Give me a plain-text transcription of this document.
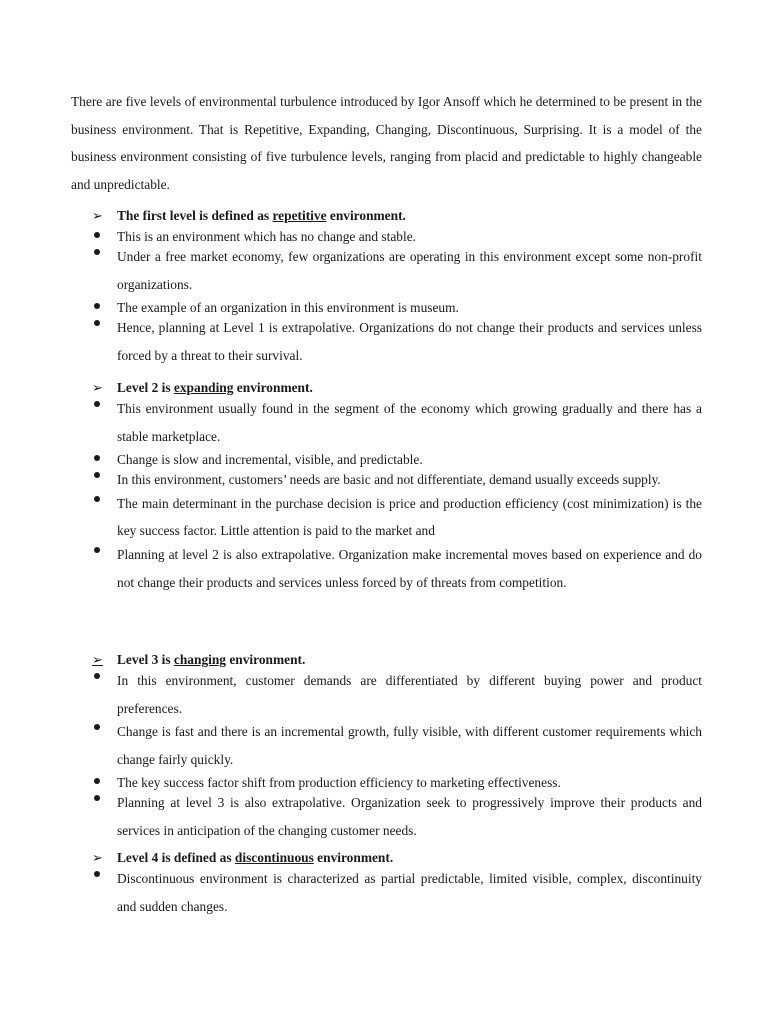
There are five levels of environmental turbulence introduced by Igor Ansoff which he determined to be present in the business environment. That is Repetitive, Expanding, Changing, Discontinuous, Surprising. It is a model of the business environment consisting of five turbulence levels, ranging from placid and predictable to highly changeable and unpredictable.

➢ The first level is defined as repetitive environment.

This is an environment which has no change and stable.

Under a free market economy, few organizations are operating in this environment except some non-profit organizations.

The example of an organization in this environment is museum.

Hence, planning at Level 1 is extrapolative. Organizations do not change their products and services unless forced by a threat to their survival.

➢ Level 2 is expanding environment.

This environment usually found in the segment of the economy which growing gradually and there has a stable marketplace.

Change is slow and incremental, visible, and predictable.

In this environment, customers’ needs are basic and not differentiate, demand usually exceeds supply.

The main determinant in the purchase decision is price and production efficiency (cost minimization) is the key success factor. Little attention is paid to the market and

Planning at level 2 is also extrapolative. Organization make incremental moves based on experience and do not change their products and services unless forced by of threats from competition.

➢ Level 3 is changing environment.

In this environment, customer demands are differentiated by different buying power and product preferences.

Change is fast and there is an incremental growth, fully visible, with different customer requirements which change fairly quickly.

The key success factor shift from production efficiency to marketing effectiveness.

Planning at level 3 is also extrapolative. Organization seek to progressively improve their products and services in anticipation of the changing customer needs.

➢ Level 4 is defined as discontinuous environment.

Discontinuous environment is characterized as partial predictable, limited visible, complex, discontinuity and sudden changes.
